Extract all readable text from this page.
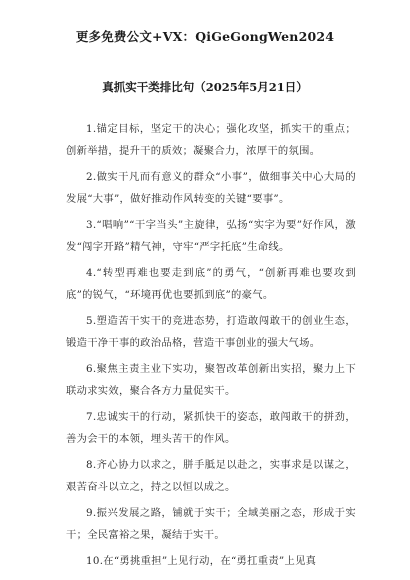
更多免费公文+VX：QiGeGongWen2024
真抓实干类排比句（2025年5月21日）

1.锚定目标，坚定干的决心；强化攻坚，抓实干的重点；创新举措，提升干的质效；凝聚合力，浓厚干的氛围。

2.做实干凡而有意义的群众“小事”，做细事关中心大局的发展“大事”，做好推动作风转变的关键“要事”。

3.“唱响”“干字当头”主旋律，弘扬“实字为要”好作风，激发“闯字开路”精气神，守牢“严字托底”生命线。

4.“转型再难也要走到底”的勇气，“创新再难也要攻到底”的锐气，“环境再优也要抓到底”的豪气。

5.塑造苦干实干的竞进态势，打造敢闯敢干的创业生态，锻造干净干事的政治品格，营造干事创业的强大气场。

6.聚焦主责主业下实功，聚智改革创新出实招，聚力上下联动求实效，聚合各方力量促实干。

7.忠诚实干的行动，紧抓快干的姿态，敢闯敢干的拼劲，善为会干的本领，埋头苦干的作风。

8.齐心协力以求之，胼手胝足以赴之，实事求是以谋之，艰苦奋斗以立之，持之以恒以成之。

9.振兴发展之路，铺就于实干；全域美丽之态，形成于实干；全民富裕之果，凝结于实干。

10.在“勇挑重担”上见行动，在“勇扛重责”上见真
